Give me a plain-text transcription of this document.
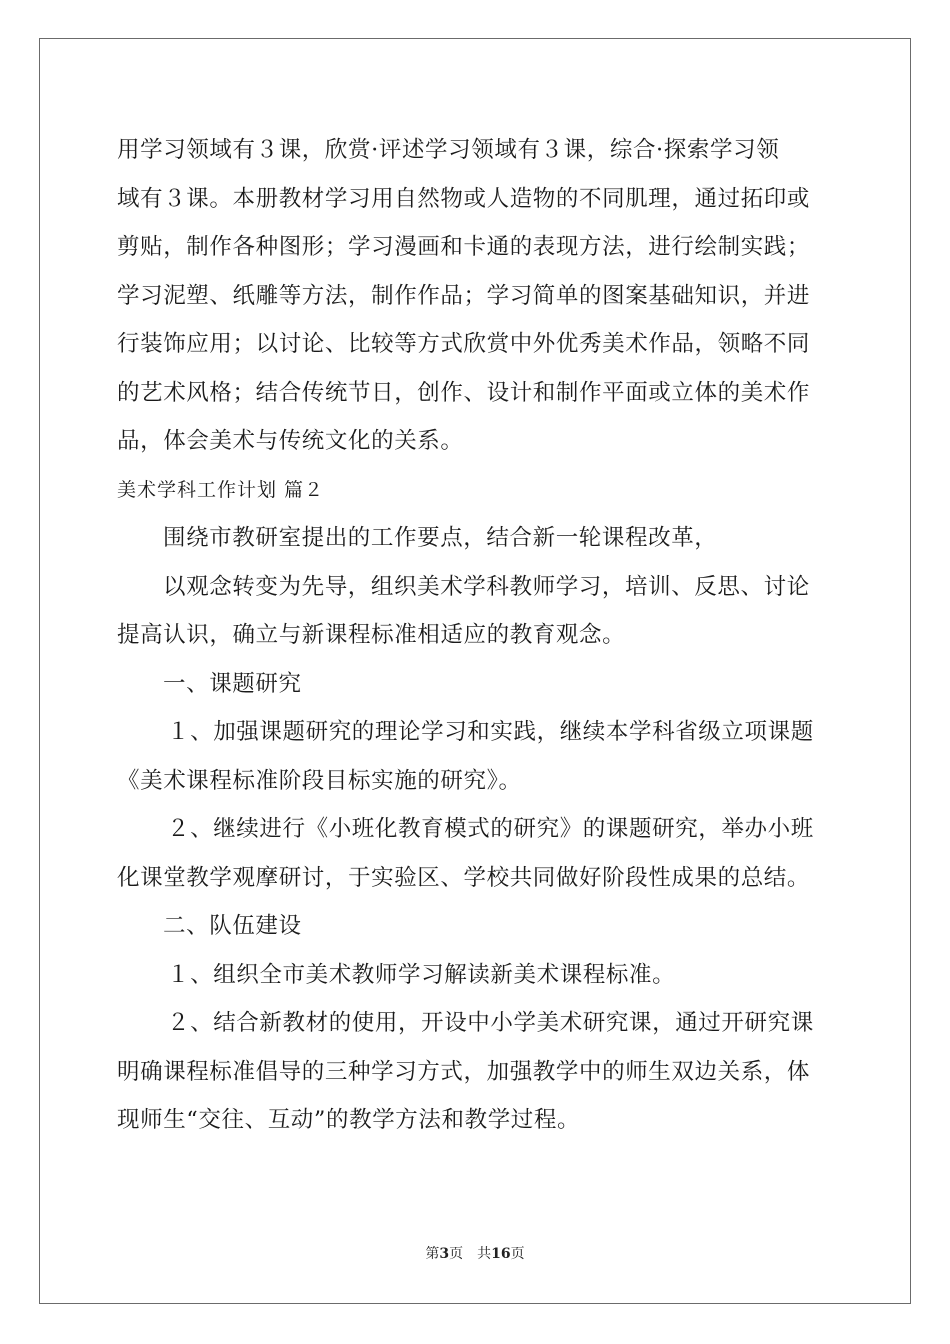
用学习领域有３课，欣赏·评述学习领域有３课，综合·探索学习领
域有３课。本册教材学习用自然物或人造物的不同肌理，通过拓印或
剪贴，制作各种图形；学习漫画和卡通的表现方法，进行绘制实践；
学习泥塑、纸雕等方法，制作作品；学习简单的图案基础知识，并进
行装饰应用；以讨论、比较等方式欣赏中外优秀美术作品，领略不同
的艺术风格；结合传统节日，创作、设计和制作平面或立体的美术作
品，体会美术与传统文化的关系。
美术学科工作计划 篇２
围绕市教研室提出的工作要点，结合新一轮课程改革，
以观念转变为先导，组织美术学科教师学习，培训、反思、讨论
提高认识，确立与新课程标准相适应的教育观念。
一、课题研究
１、加强课题研究的理论学习和实践，继续本学科省级立项课题
《美术课程标准阶段目标实施的研究》。
２、继续进行《小班化教育模式的研究》的课题研究，举办小班
化课堂教学观摩研讨，于实验区、学校共同做好阶段性成果的总结。
二、队伍建设
１、组织全市美术教师学习解读新美术课程标准。
２、结合新教材的使用，开设中小学美术研究课，通过开研究课
明确课程标准倡导的三种学习方式，加强教学中的师生双边关系，体
现师生“交往、互动”的教学方法和教学过程。
第3页　共16页
